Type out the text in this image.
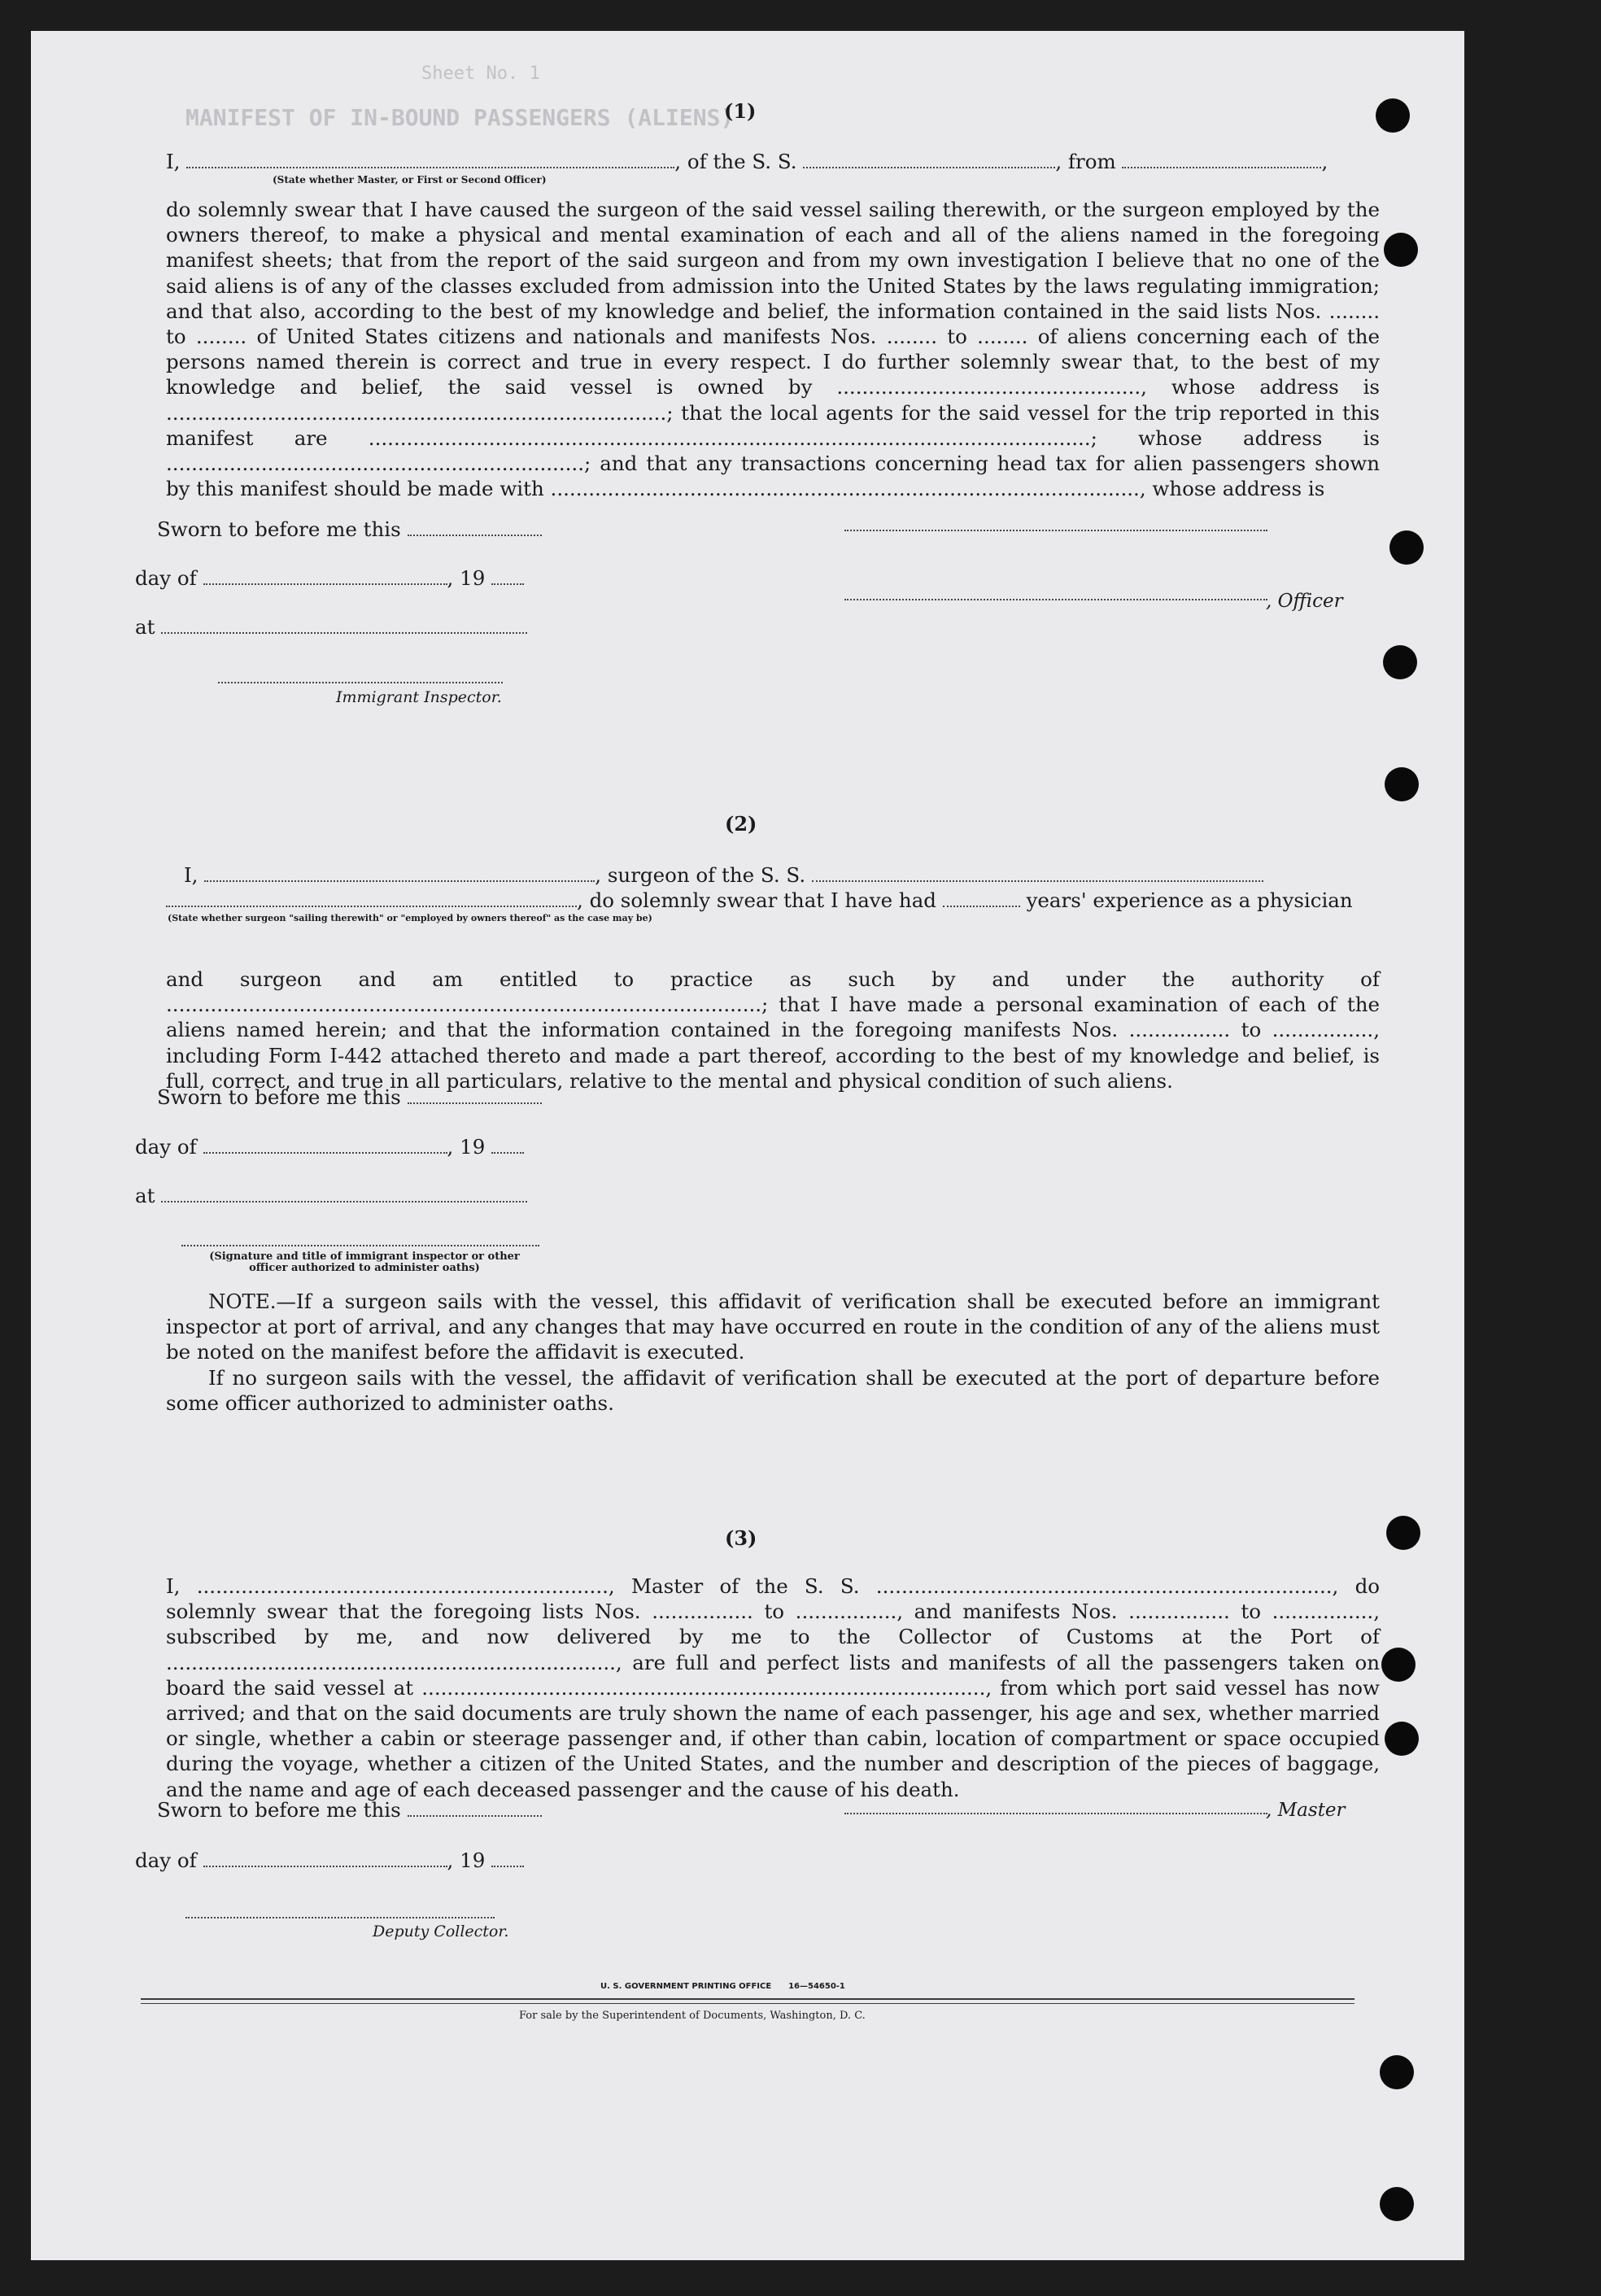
MANIFEST OF IN-BOUND PASSENGERS (ALIENS)
Sheet No. 1
(1)
I,	, of the S. S.	, from	,
(State whether Master, or First or Second Officer)
do solemnly swear that I have caused the surgeon of the said vessel sailing therewith, or the surgeon employed by the owners thereof, to make a physical and mental examination of each and all of the aliens named in the foregoing manifest sheets; that from the report of the said surgeon and from my own investigation I believe that no one of the said aliens is of any of the classes excluded from admission into the United States by the laws regulating immigration; and that also, according to the best of my knowledge and belief, the information contained in the said lists Nos. ........ to ........ of United States citizens and nationals and manifests Nos. ........ to ........ of aliens concerning each of the persons named therein is correct and true in every respect. I do further solemnly swear that, to the best of my knowledge and belief, the said vessel is owned by ................................................, whose address is ...............................................................................; that the local agents for the said vessel for the trip reported in this manifest are ..................................................................................................................; whose address is ..................................................................; and that any transactions concerning head tax for alien passengers shown by this manifest should be made with ............................................................................................., whose address is
Sworn to before me this
day of	, 19
, Officer
at
Immigrant Inspector.
(2)
I,	, surgeon of the S. S.
, do solemnly swear that I have had	years' experience as a physician
(State whether surgeon "sailing therewith" or "employed by owners thereof" as the case may be)
and surgeon and am entitled to practice as such by and under the authority of ..............................................................................................; that I have made a personal examination of each of the aliens named herein; and that the information contained in the foregoing manifests Nos. ................ to ................, including Form I-442 attached thereto and made a part thereof, according to the best of my knowledge and belief, is full, correct, and true in all particulars, relative to the mental and physical condition of such aliens.
Sworn to before me this
day of	, 19
at
(Signature and title of immigrant inspector or other officer authorized to administer oaths)
NOTE.—If a surgeon sails with the vessel, this affidavit of verification shall be executed before an immigrant inspector at port of arrival, and any changes that may have occurred en route in the condition of any of the aliens must be noted on the manifest before the affidavit is executed.
If no surgeon sails with the vessel, the affidavit of verification shall be executed at the port of departure before some officer authorized to administer oaths.
(3)
I, ................................................................., Master of the S. S. ........................................................................, do solemnly swear that the foregoing lists Nos. ................ to ................, and manifests Nos. ................ to ................, subscribed by me, and now delivered by me to the Collector of Customs at the Port of ......................................................................., are full and perfect lists and manifests of all the passengers taken on board the said vessel at ........................................................................................., from which port said vessel has now arrived; and that on the said documents are truly shown the name of each passenger, his age and sex, whether married or single, whether a cabin or steerage passenger and, if other than cabin, location of compartment or space occupied during the voyage, whether a citizen of the United States, and the number and description of the pieces of baggage, and the name and age of each deceased passenger and the cause of his death.
Sworn to before me this	, Master
day of	, 19
Deputy Collector.
U. S. GOVERNMENT PRINTING OFFICE      16—54650-1
For sale by the Superintendent of Documents, Washington, D. C.
